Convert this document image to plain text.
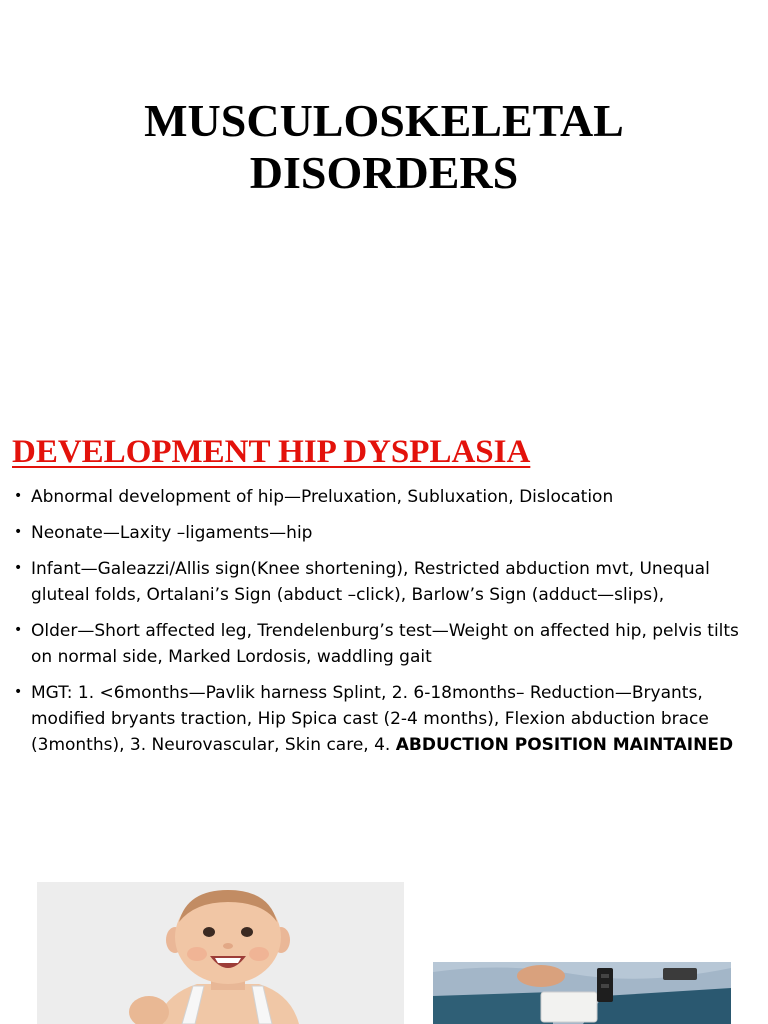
MUSCULOSKELETAL
DISORDERS
DEVELOPMENT HIP DYSPLASIA
• Abnormal development of hip—Preluxation, Subluxation, Dislocation
• Neonate—Laxity –ligaments—hip
• Infant—Galeazzi/Allis sign(Knee shortening), Restricted abduction mvt, Unequal gluteal folds, Ortalani’s Sign (abduct –click), Barlow’s Sign (adduct—slips),
• Older—Short affected leg, Trendelenburg’s test—Weight on affected hip, pelvis tilts on normal side, Marked Lordosis, waddling gait
• MGT: 1. <6months—Pavlik harness Splint, 2. 6-18months– Reduction—Bryants, modified bryants traction, Hip Spica cast (2-4 months), Flexion abduction brace (3months), 3. Neurovascular, Skin care, 4. ABDUCTION POSITION MAINTAINED
